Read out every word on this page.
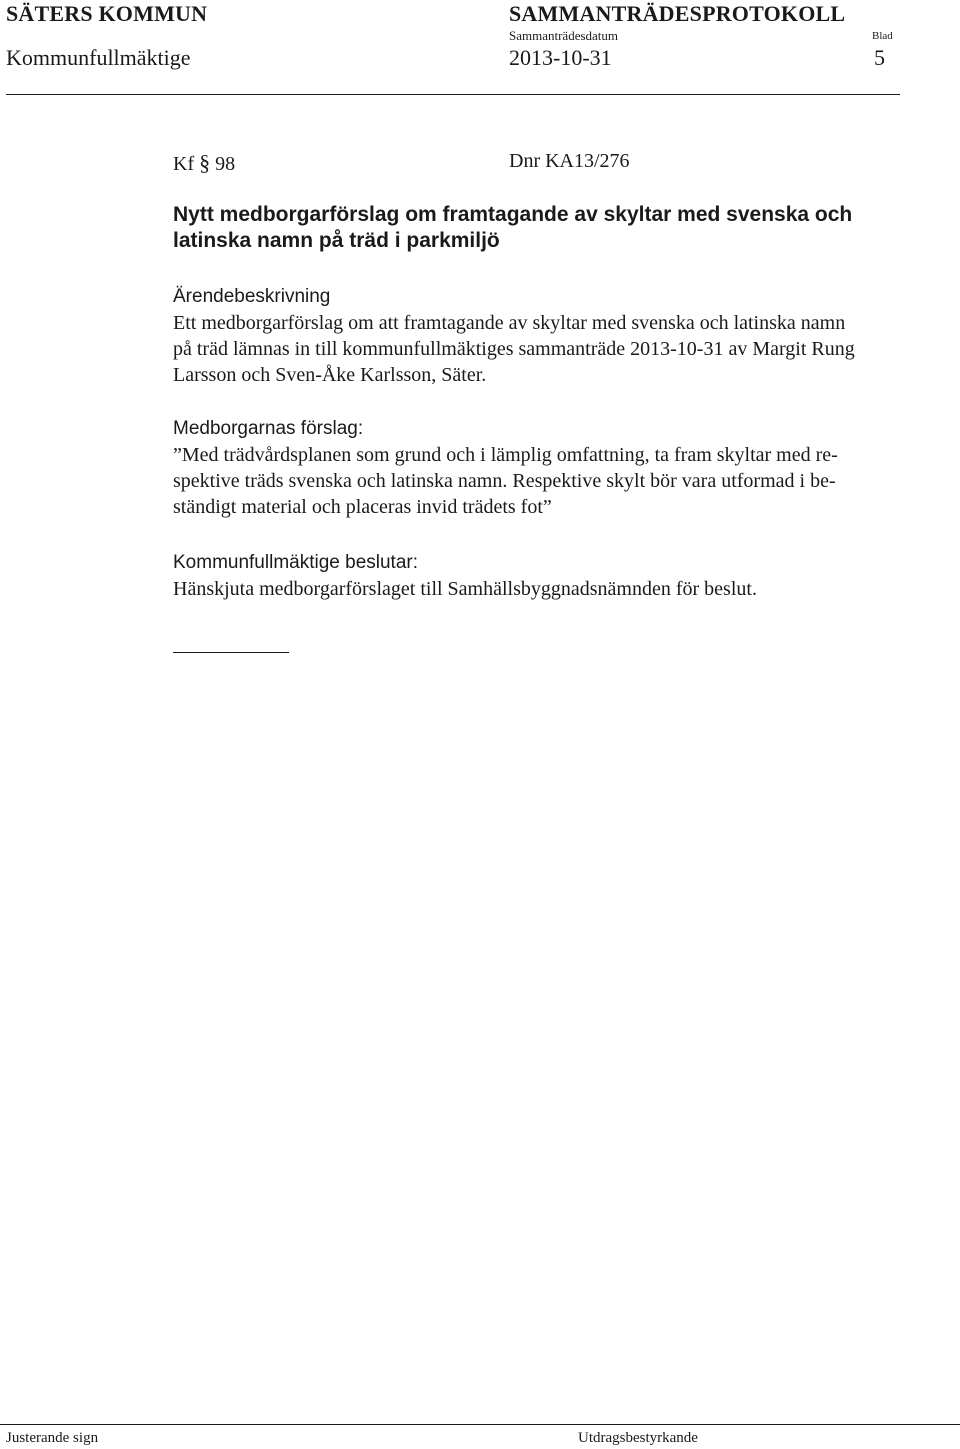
SÄTERS KOMMUN	SAMMANTRÄDESPROTOKOLL
Sammanträdesdatum	Blad
Kommunfullmäktige	2013-10-31	5
Kf § 98	Dnr KA13/276
Nytt medborgarförslag om framtagande av skyltar med svenska och
latinska namn på träd i parkmiljö
Ärendebeskrivning
Ett medborgarförslag om att framtagande av skyltar med svenska och latinska namn
på träd lämnas in till kommunfullmäktiges sammanträde 2013-10-31 av Margit Rung
Larsson och Sven-Åke Karlsson, Säter.
Medborgarnas förslag:
”Med trädvårdsplanen som grund och i lämplig omfattning, ta fram skyltar med re-
spektive träds svenska och latinska namn. Respektive skylt bör vara utformad i be-
ständigt material och placeras invid trädets fot”
Kommunfullmäktige beslutar:
Hänskjuta medborgarförslaget till Samhällsbyggnadsnämnden för beslut.
Justerande sign	Utdragsbestyrkande
